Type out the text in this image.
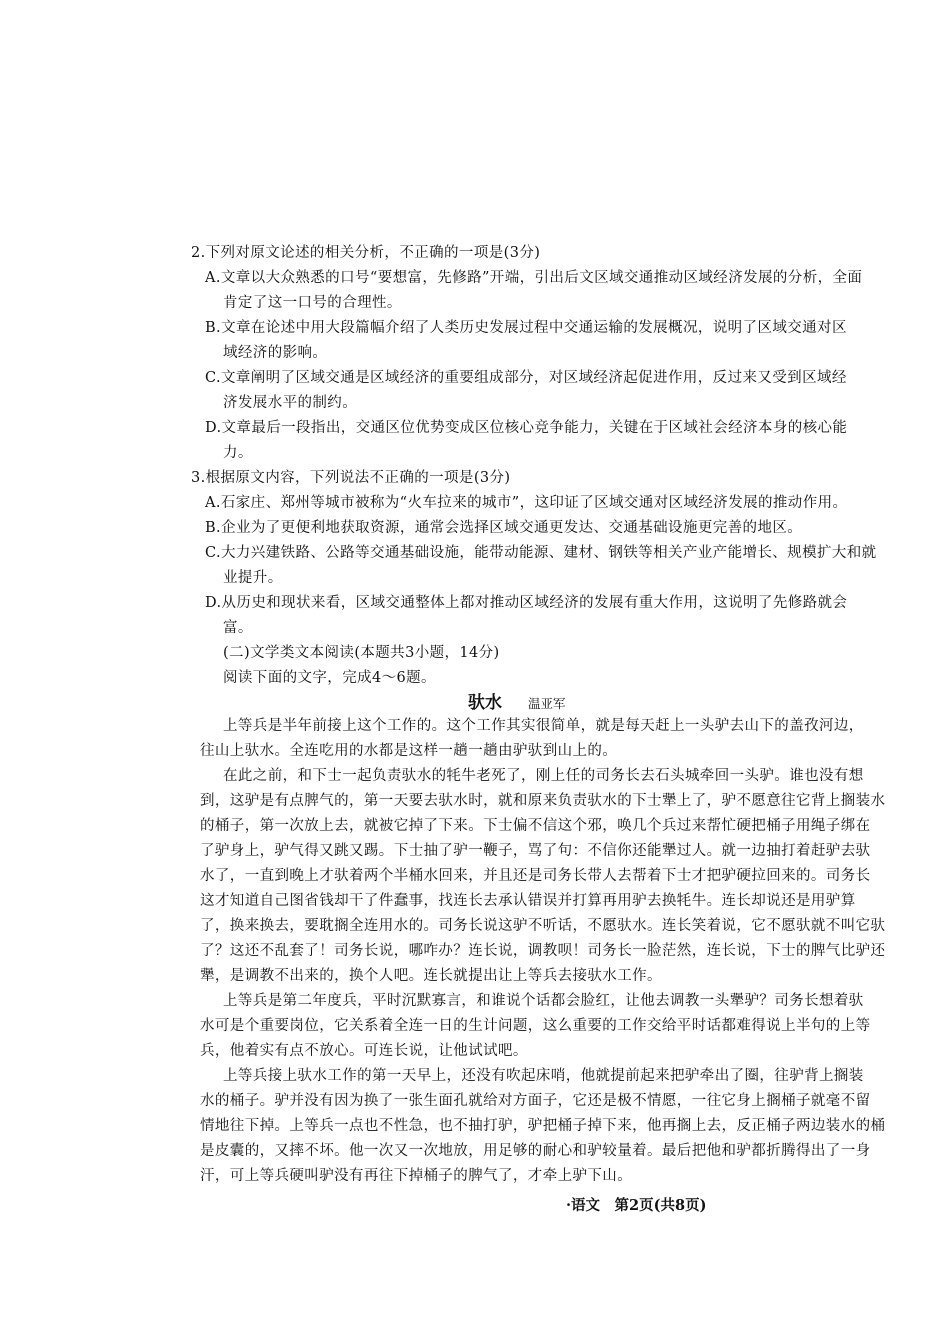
2.下列对原文论述的相关分析，不正确的一项是(3分)
A.文章以大众熟悉的口号“要想富，先修路”开端，引出后文区域交通推动区域经济发展的分析，全面
肯定了这一口号的合理性。
B.文章在论述中用大段篇幅介绍了人类历史发展过程中交通运输的发展概况，说明了区域交通对区
域经济的影响。
C.文章阐明了区域交通是区域经济的重要组成部分，对区域经济起促进作用，反过来又受到区域经
济发展水平的制约。
D.文章最后一段指出，交通区位优势变成区位核心竞争能力，关键在于区域社会经济本身的核心能
力。
3.根据原文内容，下列说法不正确的一项是(3分)
A.石家庄、郑州等城市被称为“火车拉来的城市”，这印证了区域交通对区域经济发展的推动作用。
B.企业为了更便利地获取资源，通常会选择区域交通更发达、交通基础设施更完善的地区。
C.大力兴建铁路、公路等交通基础设施，能带动能源、建材、钢铁等相关产业产能增长、规模扩大和就
业提升。
D.从历史和现状来看，区域交通整体上都对推动区域经济的发展有重大作用，这说明了先修路就会
富。
(二)文学类文本阅读(本题共3小题，14分)
阅读下面的文字，完成4～6题。
驮水 温亚军
上等兵是半年前接上这个工作的。这个工作其实很简单，就是每天赶上一头驴去山下的盖孜河边，
往山上驮水。全连吃用的水都是这样一趟一趟由驴驮到山上的。
在此之前，和下士一起负责驮水的牦牛老死了，刚上任的司务长去石头城牵回一头驴。谁也没有想
到，这驴是有点脾气的，第一天要去驮水时，就和原来负责驮水的下士犟上了，驴不愿意往它背上搁装水
的桶子，第一次放上去，就被它掉了下来。下士偏不信这个邪，唤几个兵过来帮忙硬把桶子用绳子绑在
了驴身上，驴气得又跳又踢。下士抽了驴一鞭子，骂了句：不信你还能犟过人。就一边抽打着赶驴去驮
水了，一直到晚上才驮着两个半桶水回来，并且还是司务长带人去帮着下士才把驴硬拉回来的。司务长
这才知道自己图省钱却干了件蠢事，找连长去承认错误并打算再用驴去换牦牛。连长却说还是用驴算
了，换来换去，要耽搁全连用水的。司务长说这驴不听话，不愿驮水。连长笑着说，它不愿驮就不叫它驮
了？这还不乱套了！司务长说，哪咋办？连长说，调教呗！司务长一脸茫然，连长说，下士的脾气比驴还
犟，是调教不出来的，换个人吧。连长就提出让上等兵去接驮水工作。
上等兵是第二年度兵，平时沉默寡言，和谁说个话都会脸红，让他去调教一头犟驴？司务长想着驮
水可是个重要岗位，它关系着全连一日的生计问题，这么重要的工作交给平时话都难得说上半句的上等
兵，他着实有点不放心。可连长说，让他试试吧。
上等兵接上驮水工作的第一天早上，还没有吹起床哨，他就提前起来把驴牵出了圈，往驴背上搁装
水的桶子。驴并没有因为换了一张生面孔就给对方面子，它还是极不情愿，一往它身上搁桶子就毫不留
情地往下掉。上等兵一点也不性急，也不抽打驴，驴把桶子掉下来，他再搁上去，反正桶子两边装水的桶
是皮囊的，又摔不坏。他一次又一次地放，用足够的耐心和驴较量着。最后把他和驴都折腾得出了一身
汗，可上等兵硬叫驴没有再往下掉桶子的脾气了，才牵上驴下山。
·语文　第2页(共8页)
